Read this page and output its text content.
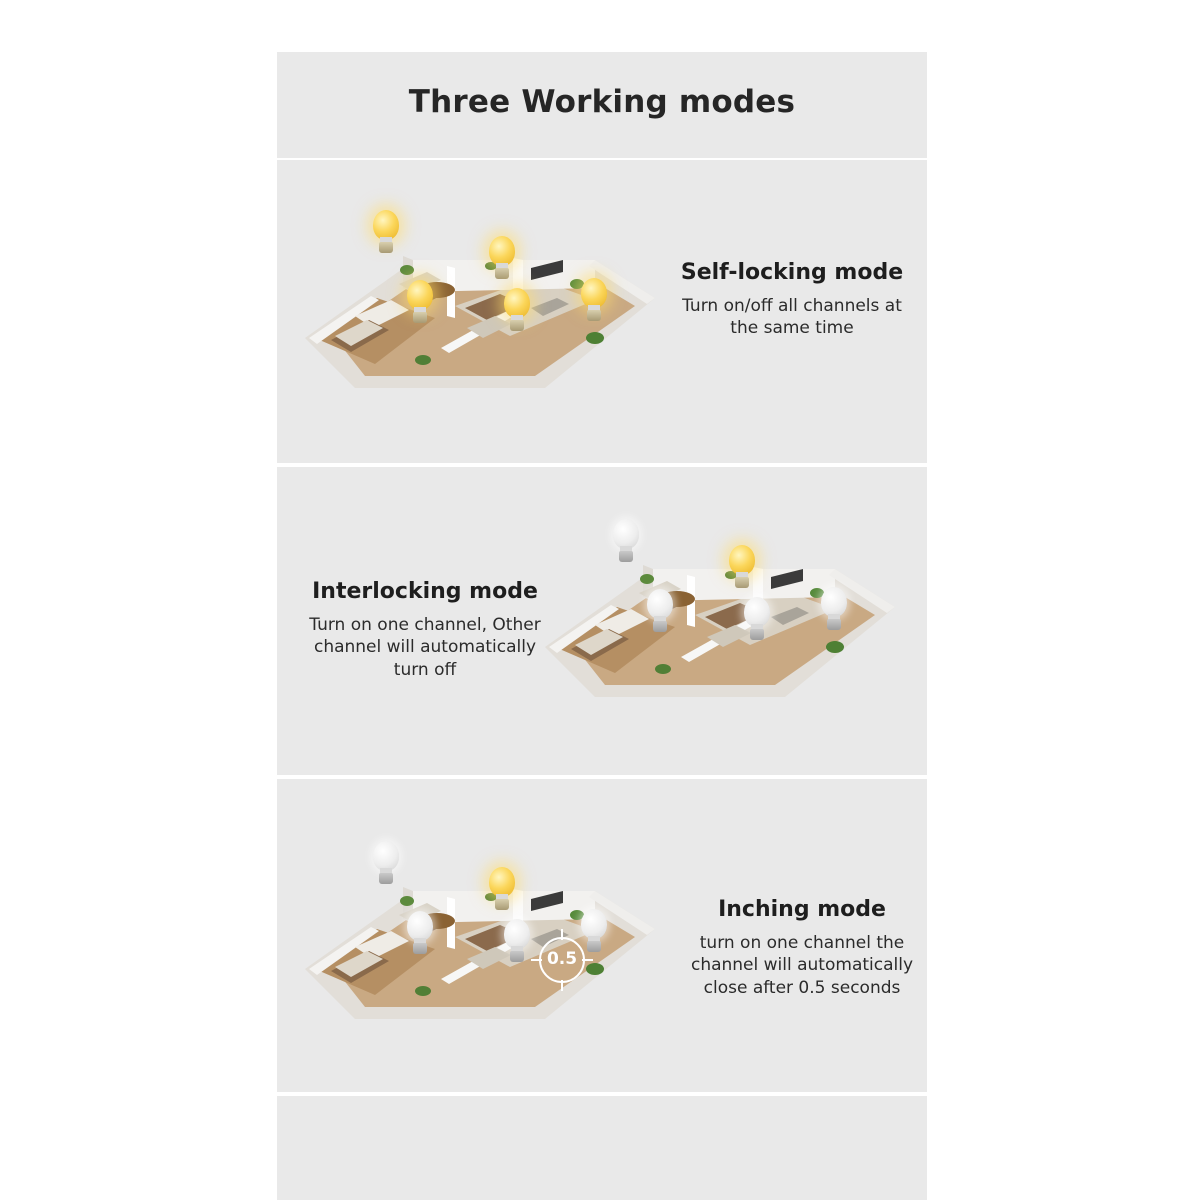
Three Working modes

Self-locking mode

Turn on/off all channels at the same time

Interlocking mode

Turn on one channel, Other channel will automatically turn off

0.5

Inching mode

turn on one channel the channel will automatically close after 0.5 seconds
